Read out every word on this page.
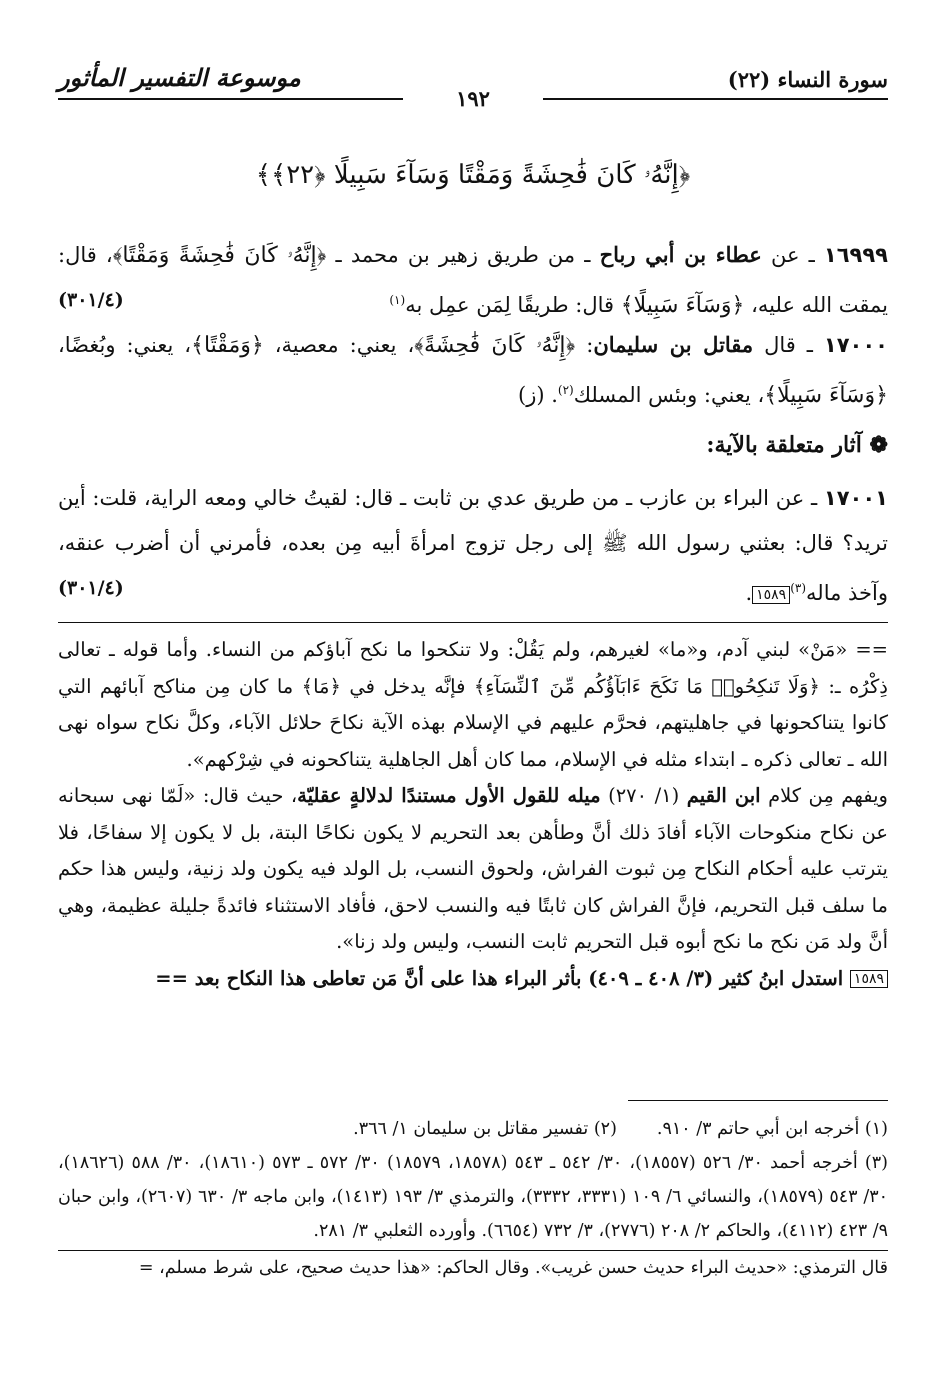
سورة النساء (٢٢)
موسوعة التفسير المأثور
١٩٢
﴿إِنَّهُۥ كَانَ فَٰحِشَةً وَمَقْتًا وَسَآءَ سَبِيلًا ﴿٢٢﴾﴾
١٦٩٩٩ ـ عن عطاء بن أبي رباح ـ من طريق زهير بن محمد ـ ﴿إِنَّهُۥ كَانَ فَٰحِشَةً وَمَقْتًا﴾، قال: يمقت الله عليه، ﴿وَسَآءَ سَبِيلًا﴾ قال: طريقًا لِمَن عمِل به$^{(١)}$
(٣٠١/٤)
١٧٠٠٠ ـ قال مقاتل بن سليمان: ﴿إِنَّهُۥ كَانَ فَٰحِشَةً﴾، يعني: معصية، ﴿وَمَقْتًا﴾، يعني: وبُغضًا، ﴿وَسَآءَ سَبِيلًا﴾، يعني: وبئس المسلك$^{(٢)}$. (ز)
❁ آثار متعلقة بالآية:
١٧٠٠١ ـ عن البراء بن عازب ـ من طريق عدي بن ثابت ـ قال: لقيتُ خالي ومعه الراية، قلت: أين تريد؟ قال: بعثني رسول الله ﷺ إلى رجل تزوج امرأةَ أبيه مِن بعده، فأمرني أن أضرب عنقه، وآخذ ماله$^{(٣)}$١٥٨٩.
(٣٠١/٤)
== «مَنْ» لبني آدم، و«ما» لغيرهم، ولم يَقُلْ: ولا تنكحوا ما نكح آباؤكم من النساء. وأما قوله ـ تعالى ذِكْرُه ـ: ﴿وَلَا تَنكِحُوا۟ مَا نَكَحَ ءَابَآؤُكُم مِّنَ ٱلنِّسَآءِ﴾ فإنَّه يدخل في ﴿مَا﴾ ما كان مِن مناكح آبائهم التي كانوا يتناكحونها في جاهليتهم، فحرَّم عليهم في الإسلام بهذه الآية نكاحَ حلائل الآباء، وكلَّ نكاح سواه نهى الله ـ تعالى ذكره ـ ابتداء مثله في الإسلام، مما كان أهل الجاهلية يتناكحونه في شِرْكهم».
ويفهم مِن كلام ابن القيم (١/ ٢٧٠) ميله للقول الأول مستندًا لدلالةٍ عقليّة، حيث قال: «لَمّا نهى سبحانه عن نكاح منكوحات الآباء أفادَ ذلك أنَّ وطأهن بعد التحريم لا يكون نكاحًا البتة، بل لا يكون إلا سفاحًا، فلا يترتب عليه أحكام النكاح مِن ثبوت الفراش، ولحوق النسب، بل الولد فيه يكون ولد زنية، وليس هذا حكم ما سلف قبل التحريم، فإنَّ الفراش كان ثابتًا فيه والنسب لاحق، فأفاد الاستثناء فائدةً جليلة عظيمة، وهي أنَّ ولد مَن نكح ما نكح أبوه قبل التحريم ثابت النسب، وليس ولد زنا».
١٥٨٩ استدل ابنُ كثير (٣/ ٤٠٨ ـ ٤٠٩) بأثر البراء هذا على أنَّ مَن تعاطى هذا النكاح بعد ==
(١) أخرجه ابن أبي حاتم ٣/ ٩١٠.
(٢) تفسير مقاتل بن سليمان ١/ ٣٦٦.
(٣) أخرجه أحمد ٣٠/ ٥٢٦ (١٨٥٥٧)، ٣٠/ ٥٤٢ ـ ٥٤٣ (١٨٥٧٨، ١٨٥٧٩) ٣٠/ ٥٧٢ ـ ٥٧٣ (١٨٦١٠)، ٣٠/ ٥٨٨ (١٨٦٢٦)، ٣٠/ ٥٤٣ (١٨٥٧٩)، والنسائي ٦/ ١٠٩ (٣٣٣١، ٣٣٣٢)، والترمذي ٣/ ١٩٣ (١٤١٣)، وابن ماجه ٣/ ٦٣٠ (٢٦٠٧)، وابن حبان ٩/ ٤٢٣ (٤١١٢)، والحاكم ٢/ ٢٠٨ (٢٧٧٦)، ٣/ ٧٣٢ (٦٦٥٤). وأورده الثعلبي ٣/ ٢٨١.
قال الترمذي: «حديث البراء حديث حسن غريب». وقال الحاكم: «هذا حديث صحيح، على شرط مسلم، =
